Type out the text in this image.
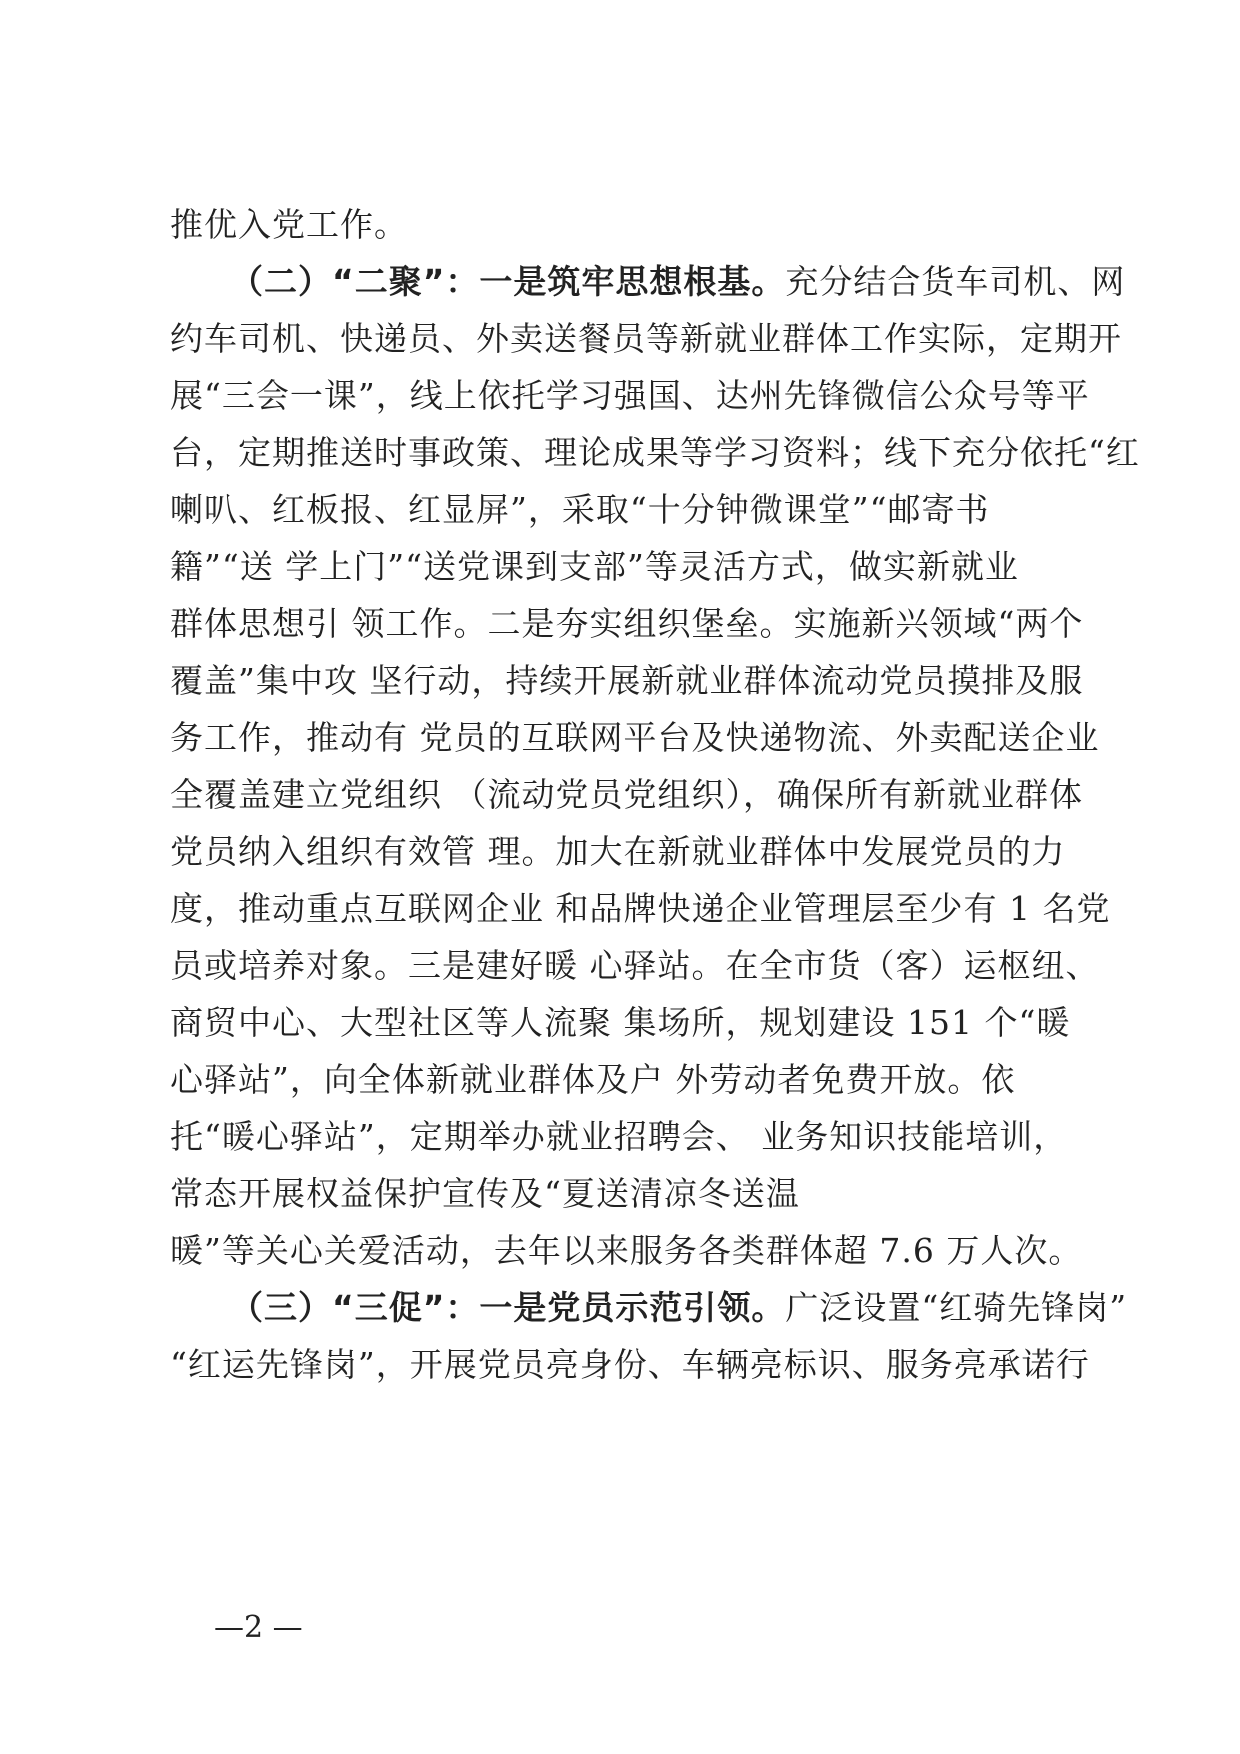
推优入党工作。
（二）“二聚”：一是筑牢思想根基。充分结合货车司机、网
约车司机、快递员、外卖送餐员等新就业群体工作实际，定期开
展“三会一课”，线上依托学习强国、达州先锋微信公众号等平
台，定期推送时事政策、理论成果等学习资料；线下充分依托“红
喇叭、红板报、红显屏”，采取“十分钟微课堂”“邮寄书
籍”“送 学上门”“送党课到支部”等灵活方式，做实新就业
群体思想引 领工作。二是夯实组织堡垒。实施新兴领域“两个
覆盖”集中攻 坚行动，持续开展新就业群体流动党员摸排及服
务工作，推动有 党员的互联网平台及快递物流、外卖配送企业
全覆盖建立党组织 （流动党员党组织），确保所有新就业群体
党员纳入组织有效管 理。加大在新就业群体中发展党员的力
度，推动重点互联网企业 和品牌快递企业管理层至少有 1 名党
员或培养对象。三是建好暖 心驿站。在全市货（客）运枢纽、
商贸中心、大型社区等人流聚 集场所，规划建设 151 个“暖
心驿站”，向全体新就业群体及户 外劳动者免费开放。依
托“暖心驿站”，定期举办就业招聘会、 业务知识技能培训，
常态开展权益保护宣传及“夏送清凉冬送温
暖”等关心关爱活动，去年以来服务各类群体超 7.6 万人次。
（三）“三促”：一是党员示范引领。广泛设置“红骑先锋岗”
“红运先锋岗”，开展党员亮身份、车辆亮标识、服务亮承诺行
—2 —
